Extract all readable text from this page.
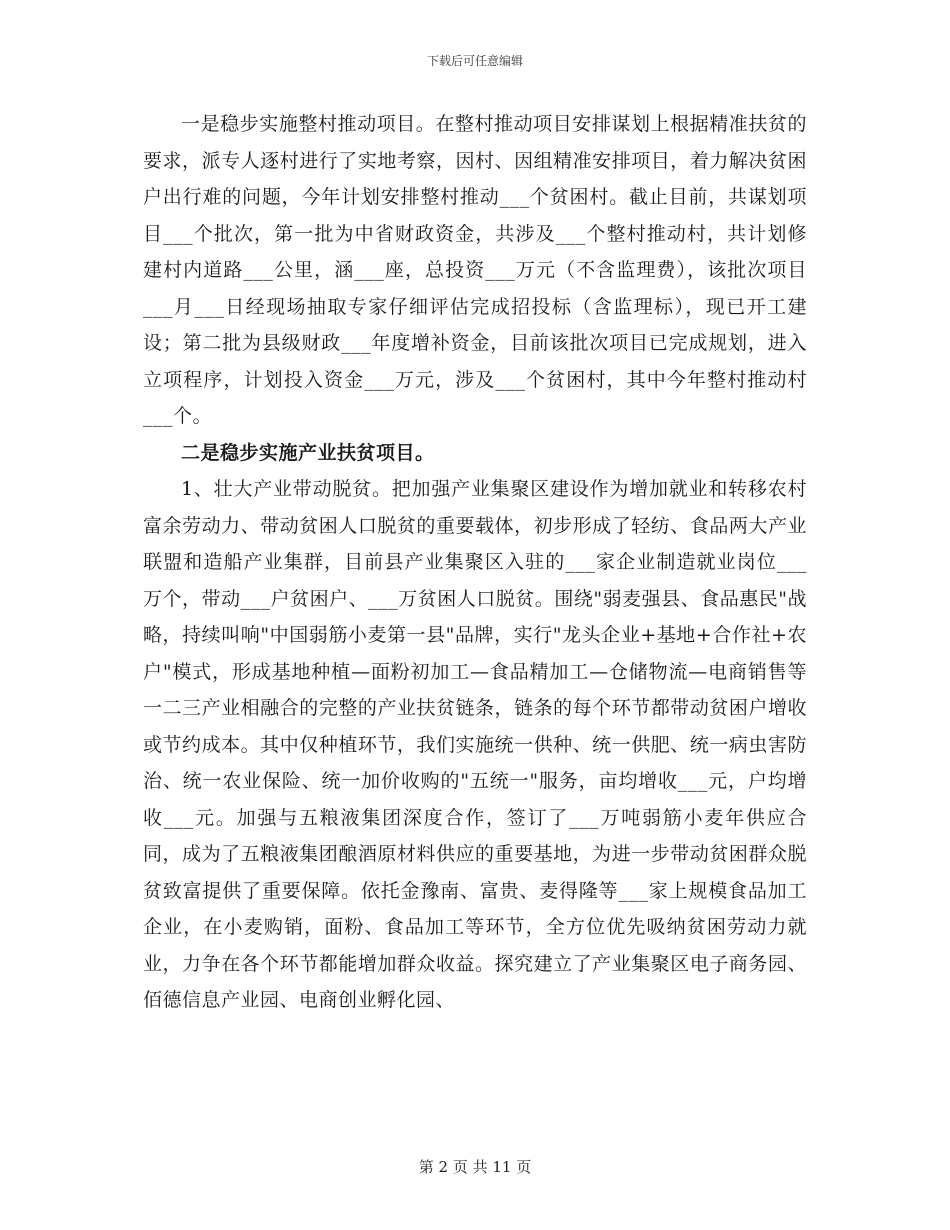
下载后可任意编辑

一是稳步实施整村推动项目。在整村推动项目安排谋划上根据精准扶贫的要求，派专人逐村进行了实地考察，因村、因组精准安排项目，着力解决贫困户出行难的问题，今年计划安排整村推动___个贫困村。截止目前，共谋划项目___个批次，第一批为中省财政资金，共涉及___个整村推动村，共计划修建村内道路___公里，涵___座，总投资___万元（不含监理费），该批次项目___月___日经现场抽取专家仔细评估完成招投标（含监理标），现已开工建设；第二批为县级财政___年度增补资金，目前该批次项目已完成规划，进入立项程序，计划投入资金___万元，涉及___个贫困村，其中今年整村推动村___个。

二是稳步实施产业扶贫项目。

1、壮大产业带动脱贫。把加强产业集聚区建设作为增加就业和转移农村富余劳动力、带动贫困人口脱贫的重要载体，初步形成了轻纺、食品两大产业联盟和造船产业集群，目前县产业集聚区入驻的___家企业制造就业岗位___万个，带动___户贫困户、___万贫困人口脱贫。围绕"弱麦强县、食品惠民"战略，持续叫响"中国弱筋小麦第一县"品牌，实行"龙头企业+基地+合作社+农户"模式，形成基地种植—面粉初加工—食品精加工—仓储物流—电商销售等一二三产业相融合的完整的产业扶贫链条，链条的每个环节都带动贫困户增收或节约成本。其中仅种植环节，我们实施统一供种、统一供肥、统一病虫害防治、统一农业保险、统一加价收购的"五统一"服务，亩均增收___元，户均增收___元。加强与五粮液集团深度合作，签订了___万吨弱筋小麦年供应合同，成为了五粮液集团酿酒原材料供应的重要基地，为进一步带动贫困群众脱贫致富提供了重要保障。依托金豫南、富贵、麦得隆等___家上规模食品加工企业，在小麦购销，面粉、食品加工等环节，全方位优先吸纳贫困劳动力就业，力争在各个环节都能增加群众收益。探究建立了产业集聚区电子商务园、佰德信息产业园、电商创业孵化园、

第 2 页 共 11 页
